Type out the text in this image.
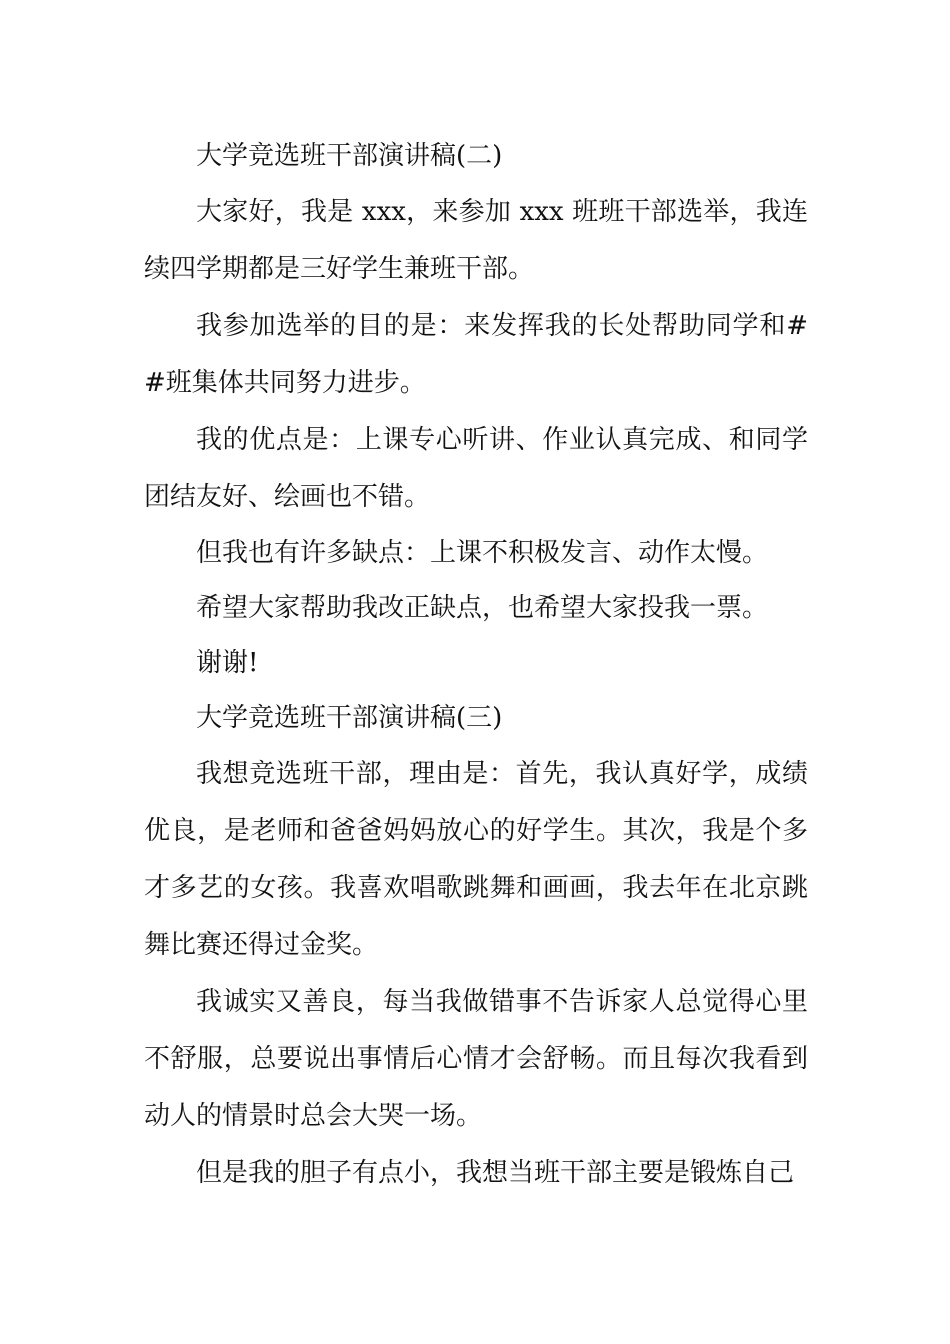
大学竞选班干部演讲稿(二)

大家好，我是 xxx，来参加 xxx 班班干部选举，我连续四学期都是三好学生兼班干部。

我参加选举的目的是：来发挥我的长处帮助同学和##班集体共同努力进步。

我的优点是：上课专心听讲、作业认真完成、和同学团结友好、绘画也不错。

但我也有许多缺点：上课不积极发言、动作太慢。

希望大家帮助我改正缺点，也希望大家投我一票。

谢谢!

大学竞选班干部演讲稿(三)

我想竞选班干部，理由是：首先，我认真好学，成绩优良，是老师和爸爸妈妈放心的好学生。其次，我是个多才多艺的女孩。我喜欢唱歌跳舞和画画，我去年在北京跳舞比赛还得过金奖。

我诚实又善良，每当我做错事不告诉家人总觉得心里不舒服，总要说出事情后心情才会舒畅。而且每次我看到动人的情景时总会大哭一场。

但是我的胆子有点小，我想当班干部主要是锻炼自己
